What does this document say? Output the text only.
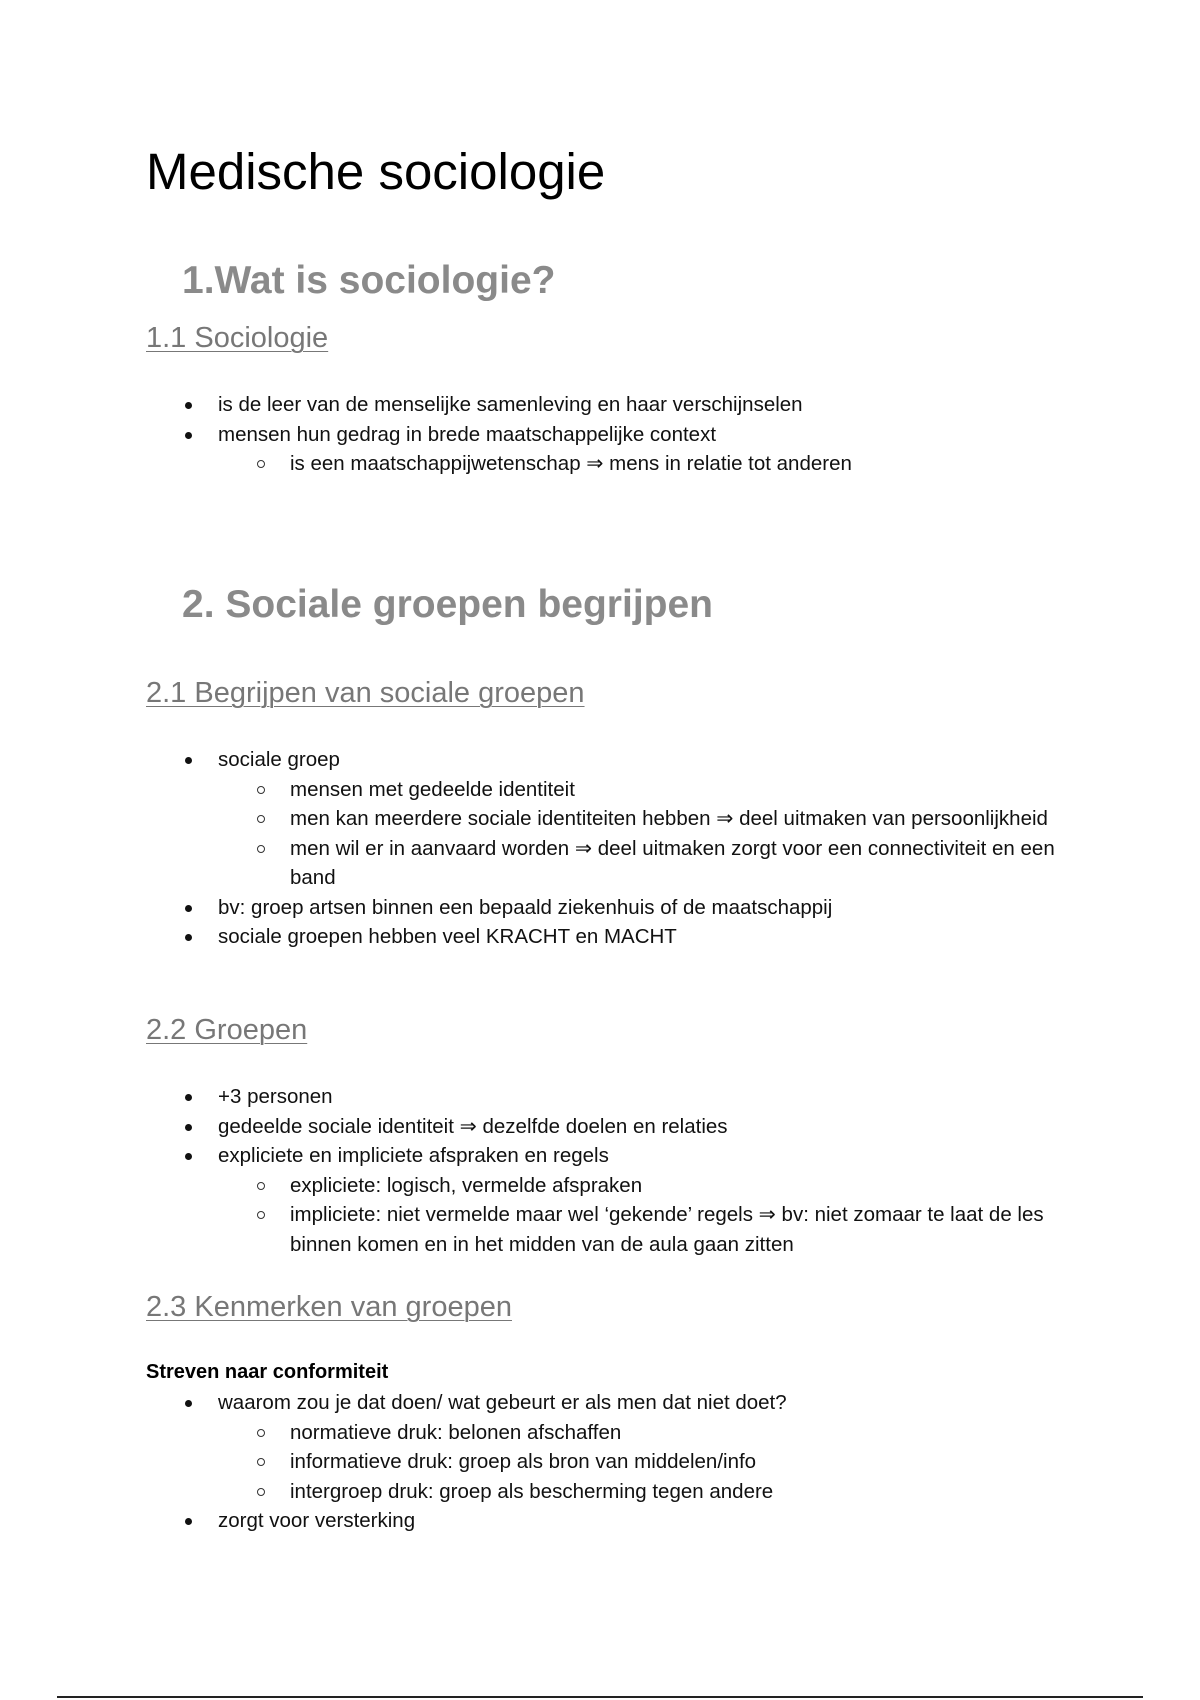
Medische sociologie
1.Wat is sociologie?
1.1 Sociologie
is de leer van de menselijke samenleving en haar verschijnselen
mensen hun gedrag in brede maatschappelijke context
is een maatschappijwetenschap ⇒ mens in relatie tot anderen
2. Sociale groepen begrijpen
2.1 Begrijpen van sociale groepen
sociale groep
mensen met gedeelde identiteit
men kan meerdere sociale identiteiten hebben ⇒ deel uitmaken van persoonlijkheid
men wil er in aanvaard worden ⇒ deel uitmaken zorgt voor een connectiviteit en een band
bv: groep artsen binnen een bepaald ziekenhuis of de maatschappij
sociale groepen hebben veel KRACHT en MACHT
2.2 Groepen
+3 personen
gedeelde sociale identiteit ⇒ dezelfde doelen en relaties
expliciete en impliciete afspraken en regels
expliciete: logisch, vermelde afspraken
impliciete: niet vermelde maar wel ‘gekende’ regels ⇒ bv: niet zomaar te laat de les binnen komen en in het midden van de aula gaan zitten
2.3 Kenmerken van groepen

Streven naar conformiteit

waarom zou je dat doen/ wat gebeurt er als men dat niet doet?
normatieve druk: belonen afschaffen
informatieve druk: groep als bron van middelen/info
intergroep druk: groep als bescherming tegen andere
zorgt voor versterking
